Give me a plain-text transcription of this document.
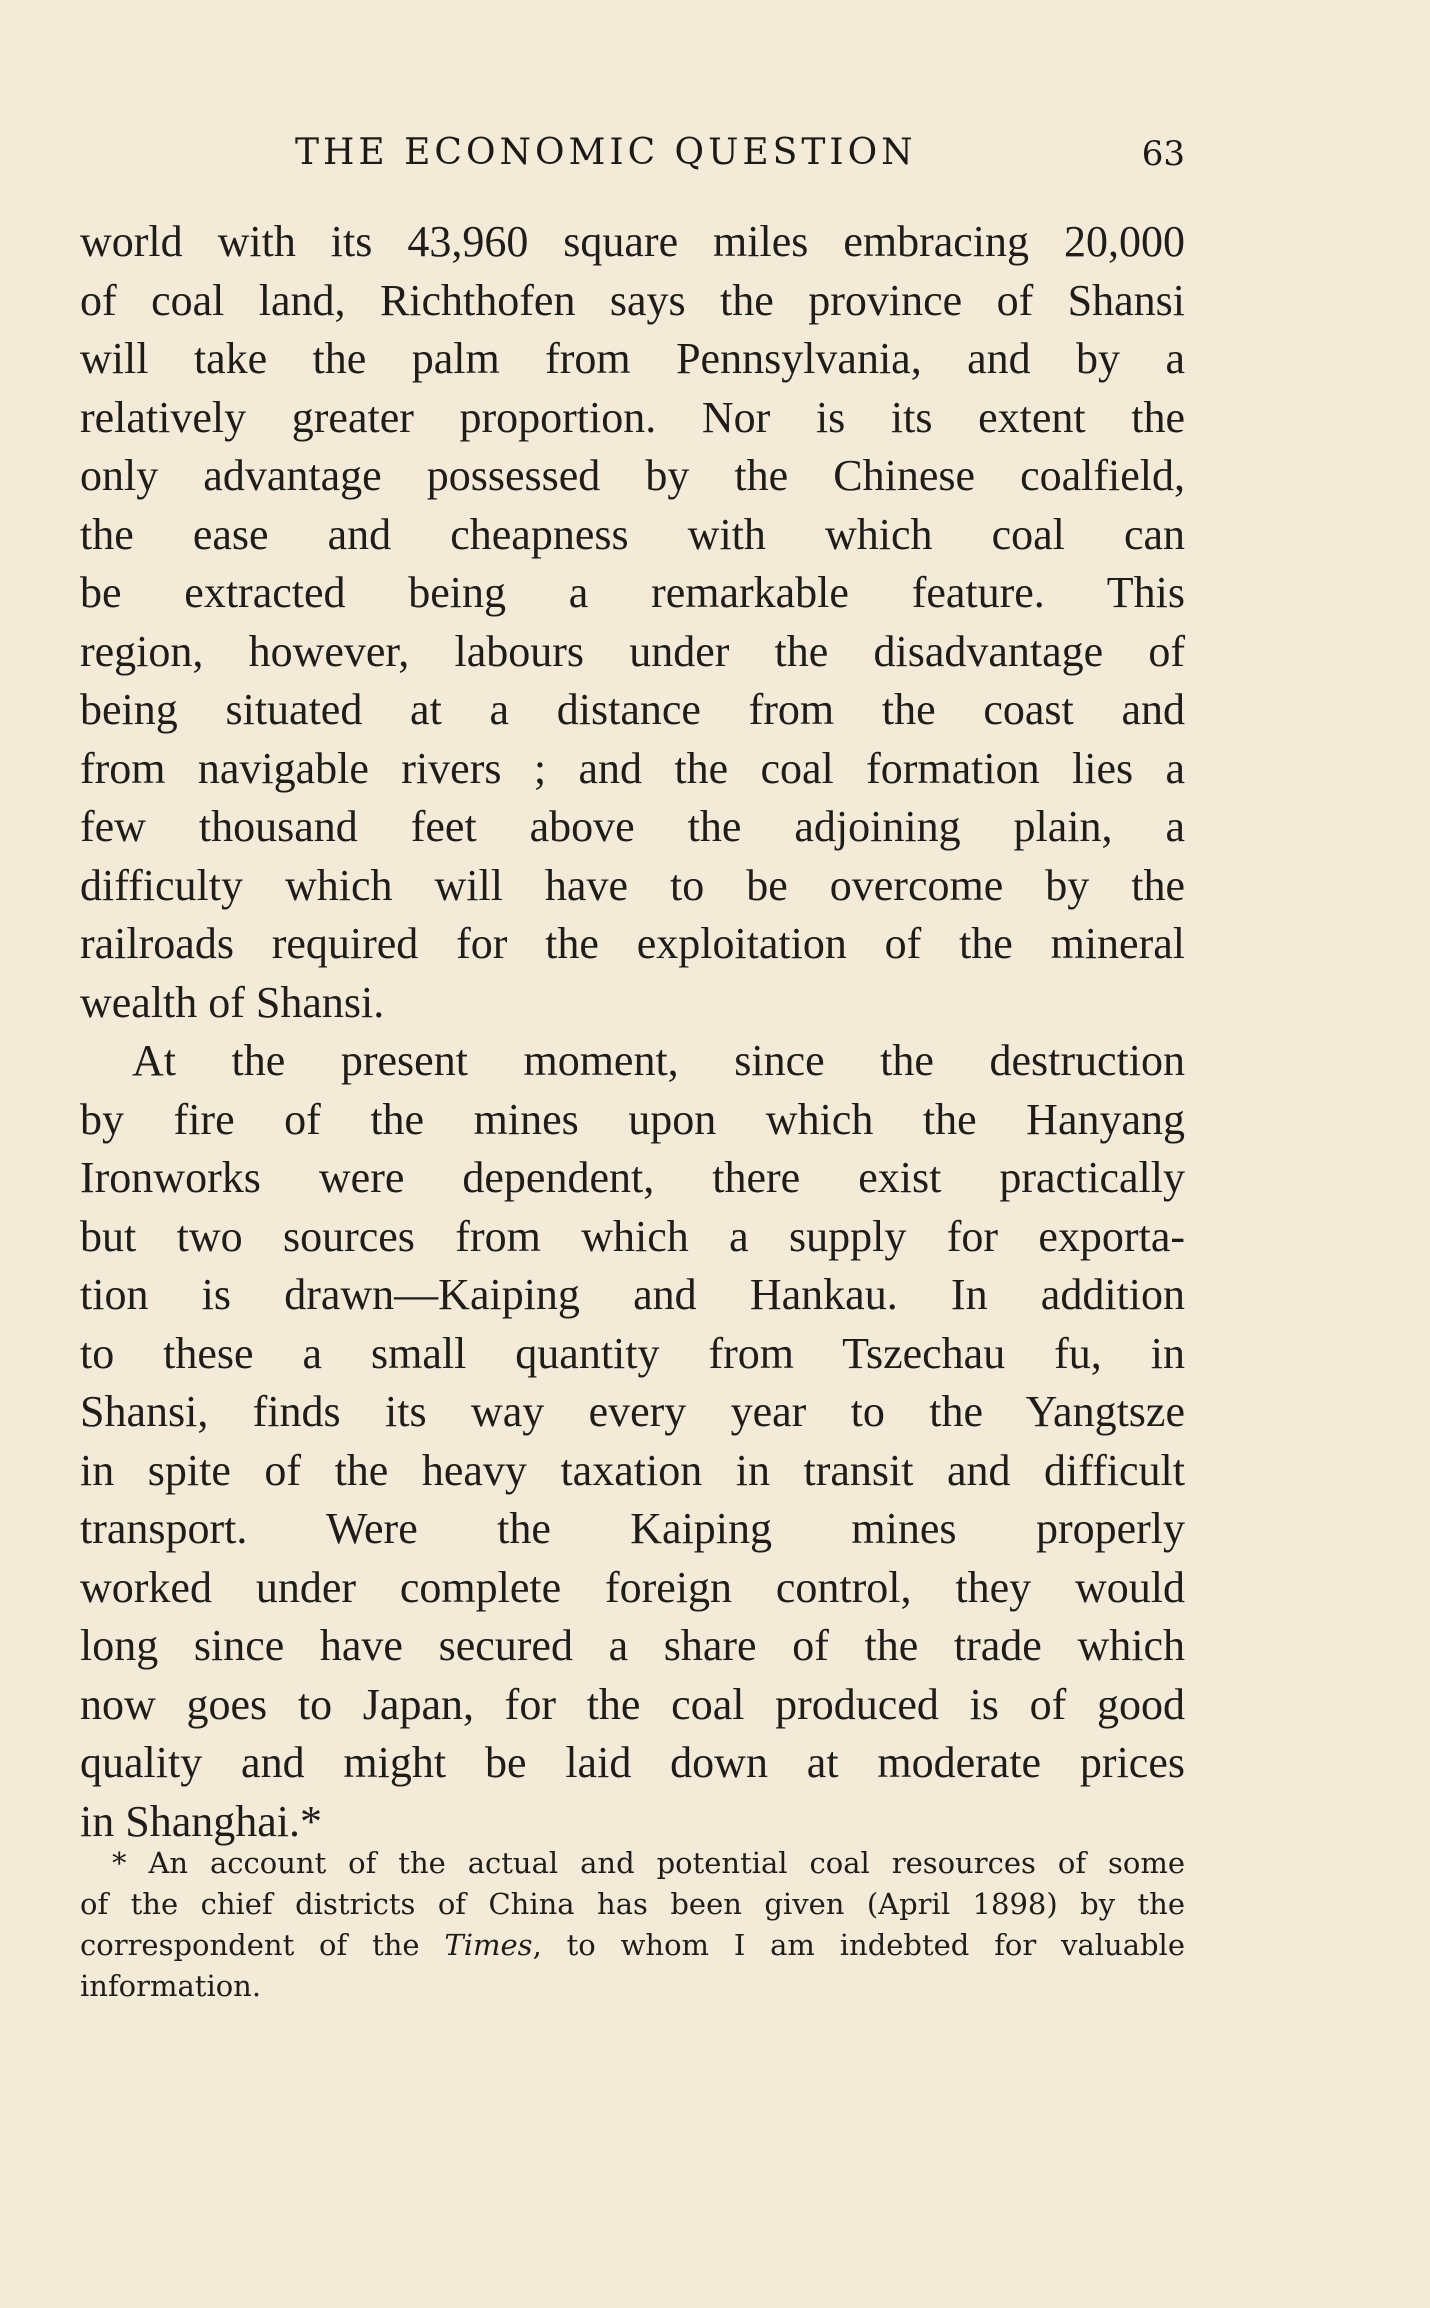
THE ECONOMIC QUESTION	63
world with its 43,960 square miles embracing 20,000
of coal land, Richthofen says the province of Shansi
will take the palm from Pennsylvania, and by a
relatively greater proportion. Nor is its extent the
only advantage possessed by the Chinese coalfield,
the ease and cheapness with which coal can
be extracted being a remarkable feature. This
region, however, labours under the disadvantage of
being situated at a distance from the coast and
from navigable rivers ; and the coal formation lies a
few thousand feet above the adjoining plain, a
difficulty which will have to be overcome by the
railroads required for the exploitation of the mineral
wealth of Shansi.
At the present moment, since the destruction
by fire of the mines upon which the Hanyang
Ironworks were dependent, there exist practically
but two sources from which a supply for exporta-
tion is drawn—Kaiping and Hankau. In addition
to these a small quantity from Tszechau fu, in
Shansi, finds its way every year to the Yangtsze
in spite of the heavy taxation in transit and difficult
transport. Were the Kaiping mines properly
worked under complete foreign control, they would
long since have secured a share of the trade which
now goes to Japan, for the coal produced is of good
quality and might be laid down at moderate prices
in Shanghai.*
* An account of the actual and potential coal resources of some
of the chief districts of China has been given (April 1898) by the
correspondent of the Times, to whom I am indebted for valuable
information.
